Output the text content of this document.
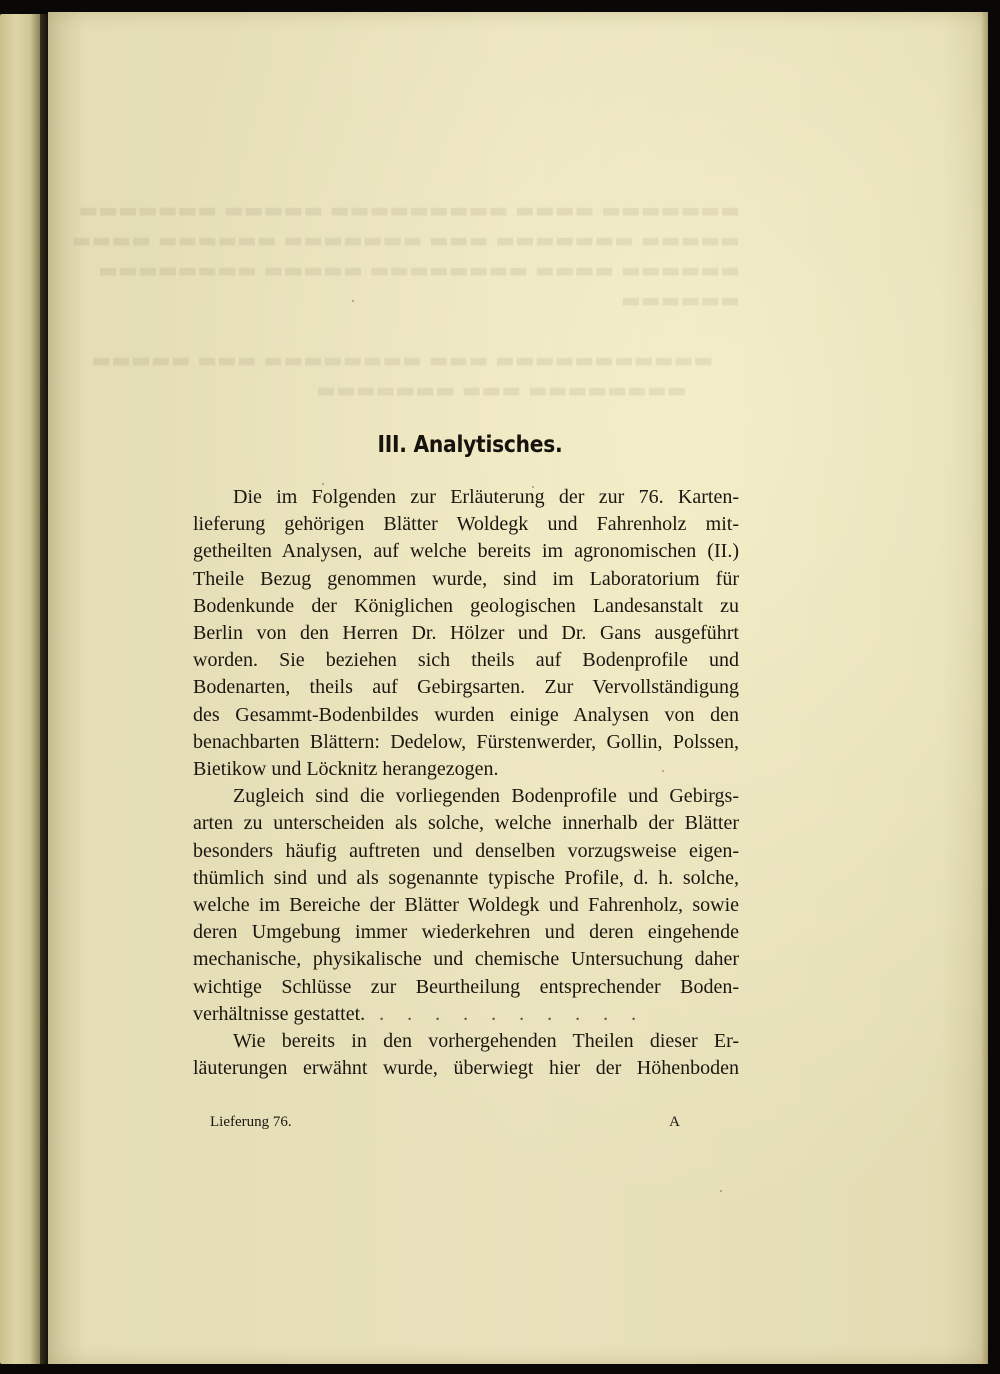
III. Analytisches.

Die im Folgenden zur Erläuterung der zur 76. Karten-
lieferung gehörigen Blätter Woldegk und Fahrenholz mit-
getheilten Analysen, auf welche bereits im agronomischen (II.)
Theile Bezug genommen wurde, sind im Laboratorium für
Bodenkunde der Königlichen geologischen Landesanstalt zu
Berlin von den Herren Dr. Hölzer und Dr. Gans ausgeführt
worden. Sie beziehen sich theils auf Bodenprofile und
Bodenarten, theils auf Gebirgsarten. Zur Vervollständigung
des Gesammt-Bodenbildes wurden einige Analysen von den
benachbarten Blättern: Dedelow, Fürstenwerder, Gollin, Polssen,
Bietikow und Löcknitz herangezogen.

Zugleich sind die vorliegenden Bodenprofile und Gebirgs-
arten zu unterscheiden als solche, welche innerhalb der Blätter
besonders häufig auftreten und denselben vorzugsweise eigen-
thümlich sind und als sogenannte typische Profile, d. h. solche,
welche im Bereiche der Blätter Woldegk und Fahrenholz, sowie
deren Umgebung immer wiederkehren und deren eingehende
mechanische, physikalische und chemische Untersuchung daher
wichtige Schlüsse zur Beurtheilung entsprechender Boden-
verhältnisse gestattet. . . . . . . . . . .

Wie bereits in den vorhergehenden Theilen dieser Er-
läuterungen erwähnt wurde, überwiegt hier der Höhenboden

Lieferung 76.	A
